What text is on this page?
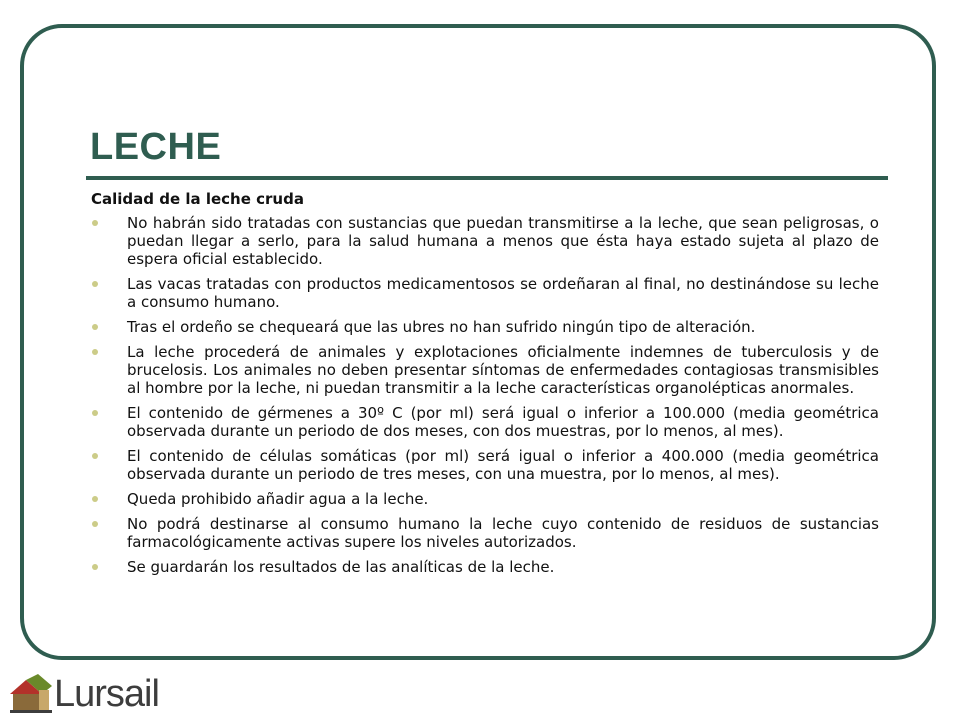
LECHE
Calidad de la leche cruda
No habrán sido tratadas con sustancias que puedan transmitirse a la leche, que sean peligrosas, o puedan llegar a serlo, para la salud humana a menos que ésta haya estado sujeta al plazo de espera oficial establecido.
Las vacas tratadas con productos medicamentosos se ordeñaran al final, no destinándose su leche a consumo humano.
Tras el ordeño se chequeará que las ubres no han sufrido ningún tipo de alteración.
La leche procederá de animales y explotaciones oficialmente indemnes de tuberculosis y de brucelosis. Los animales no deben presentar síntomas de enfermedades contagiosas transmisibles al hombre por la leche, ni puedan transmitir a la leche características organolépticas anormales.
El contenido de gérmenes a 30º C (por ml) será igual o inferior a 100.000 (media geométrica observada durante un periodo de dos meses, con dos muestras, por lo menos, al mes).
El contenido de células somáticas (por ml) será igual o inferior a 400.000 (media geométrica observada durante un periodo de tres meses, con una muestra, por lo menos, al mes).
Queda prohibido añadir agua a la leche.
No podrá destinarse al consumo humano la leche cuyo contenido de residuos de sustancias farmacológicamente activas supere los niveles autorizados.
Se guardarán los resultados de las analíticas de la leche.
Lursail
